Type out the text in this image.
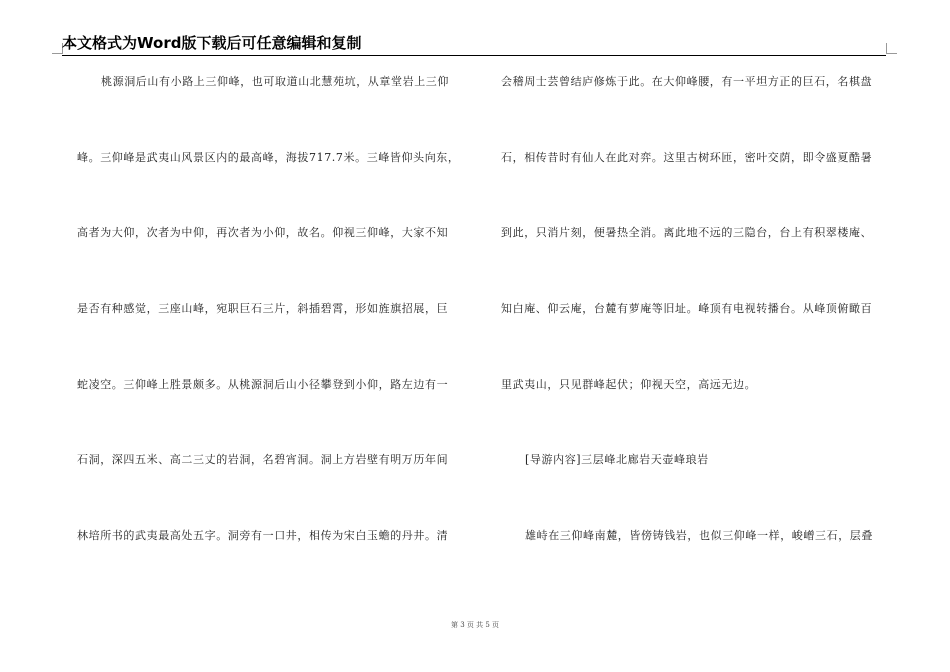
本文格式为Word版下载后可任意编辑和复制
桃源洞后山有小路上三仰峰，也可取道山北慧苑坑，从章堂岩上三仰
峰。三仰峰是武夷山风景区内的最高峰，海拔717.7米。三峰皆仰头向东，
高者为大仰，次者为中仰，再次者为小仰，故名。仰视三仰峰，大家不知
是否有种感觉，三座山峰，宛职巨石三片，斜插碧霄，形如旌旗招展，巨
蛇凌空。三仰峰上胜景颇多。从桃源洞后山小径攀登到小仰，路左边有一
石洞，深四五米、高二三丈的岩洞，名碧宵洞。洞上方岩壁有明万历年间
林培所书的武夷最高处五字。洞旁有一口井，相传为宋白玉蟾的丹井。清
会稽周士芸曾结庐修炼于此。在大仰峰腰，有一平坦方正的巨石，名棋盘
石，相传昔时有仙人在此对弈。这里古树环匝，密叶交荫，即令盛夏酷暑
到此，只消片刻，便暑热全消。离此地不远的三隐台，台上有积翠楼庵、
知白庵、仰云庵，台麓有萝庵等旧址。峰顶有电视转播台。从峰顶俯瞰百
里武夷山，只见群峰起伏；仰视天空，高远无边。
[导游内容]三层峰北廊岩天壶峰琅岩
雄峙在三仰峰南麓，皆傍铸钱岩，也似三仰峰一样，峻嶒三石，层叠
第 3 页 共 5 页
